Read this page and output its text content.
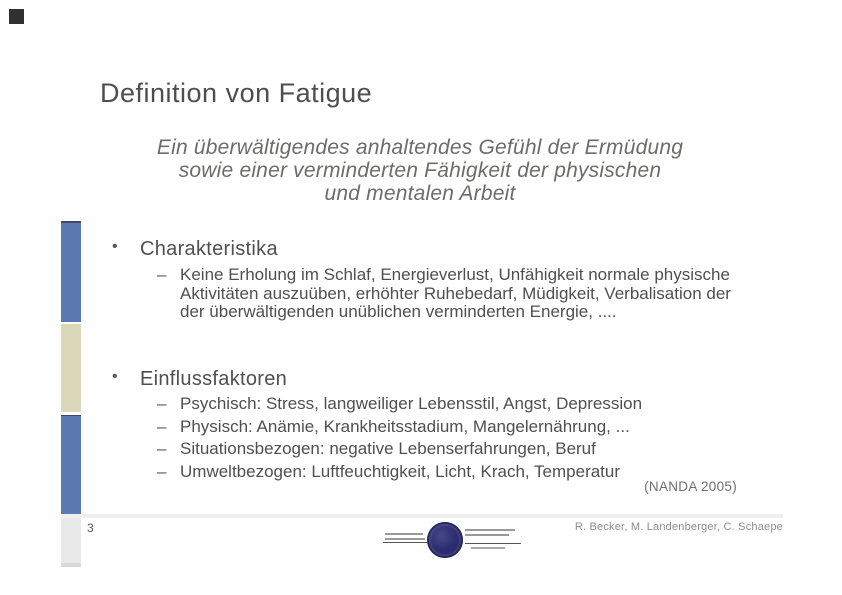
Definition von Fatigue
Ein überwältigendes anhaltendes Gefühl der Ermüdung
sowie einer verminderten Fähigkeit der physischen
und mentalen Arbeit
•	Charakteristika
– Keine Erholung im Schlaf, Energieverlust, Unfähigkeit normale physische Aktivitäten auszuüben, erhöhter Ruhebedarf, Müdigkeit, Verbalisation der der überwältigenden unüblichen verminderten Energie, ....
•	Einflussfaktoren
– Psychisch: Stress, langweiliger Lebensstil, Angst, Depression
– Physisch: Anämie, Krankheitsstadium, Mangelernährung, ...
– Situationsbezogen: negative Lebenserfahrungen, Beruf
– Umweltbezogen: Luftfeuchtigkeit, Licht, Krach, Temperatur
(NANDA 2005)
3	R. Becker, M. Landenberger, C. Schaepe
